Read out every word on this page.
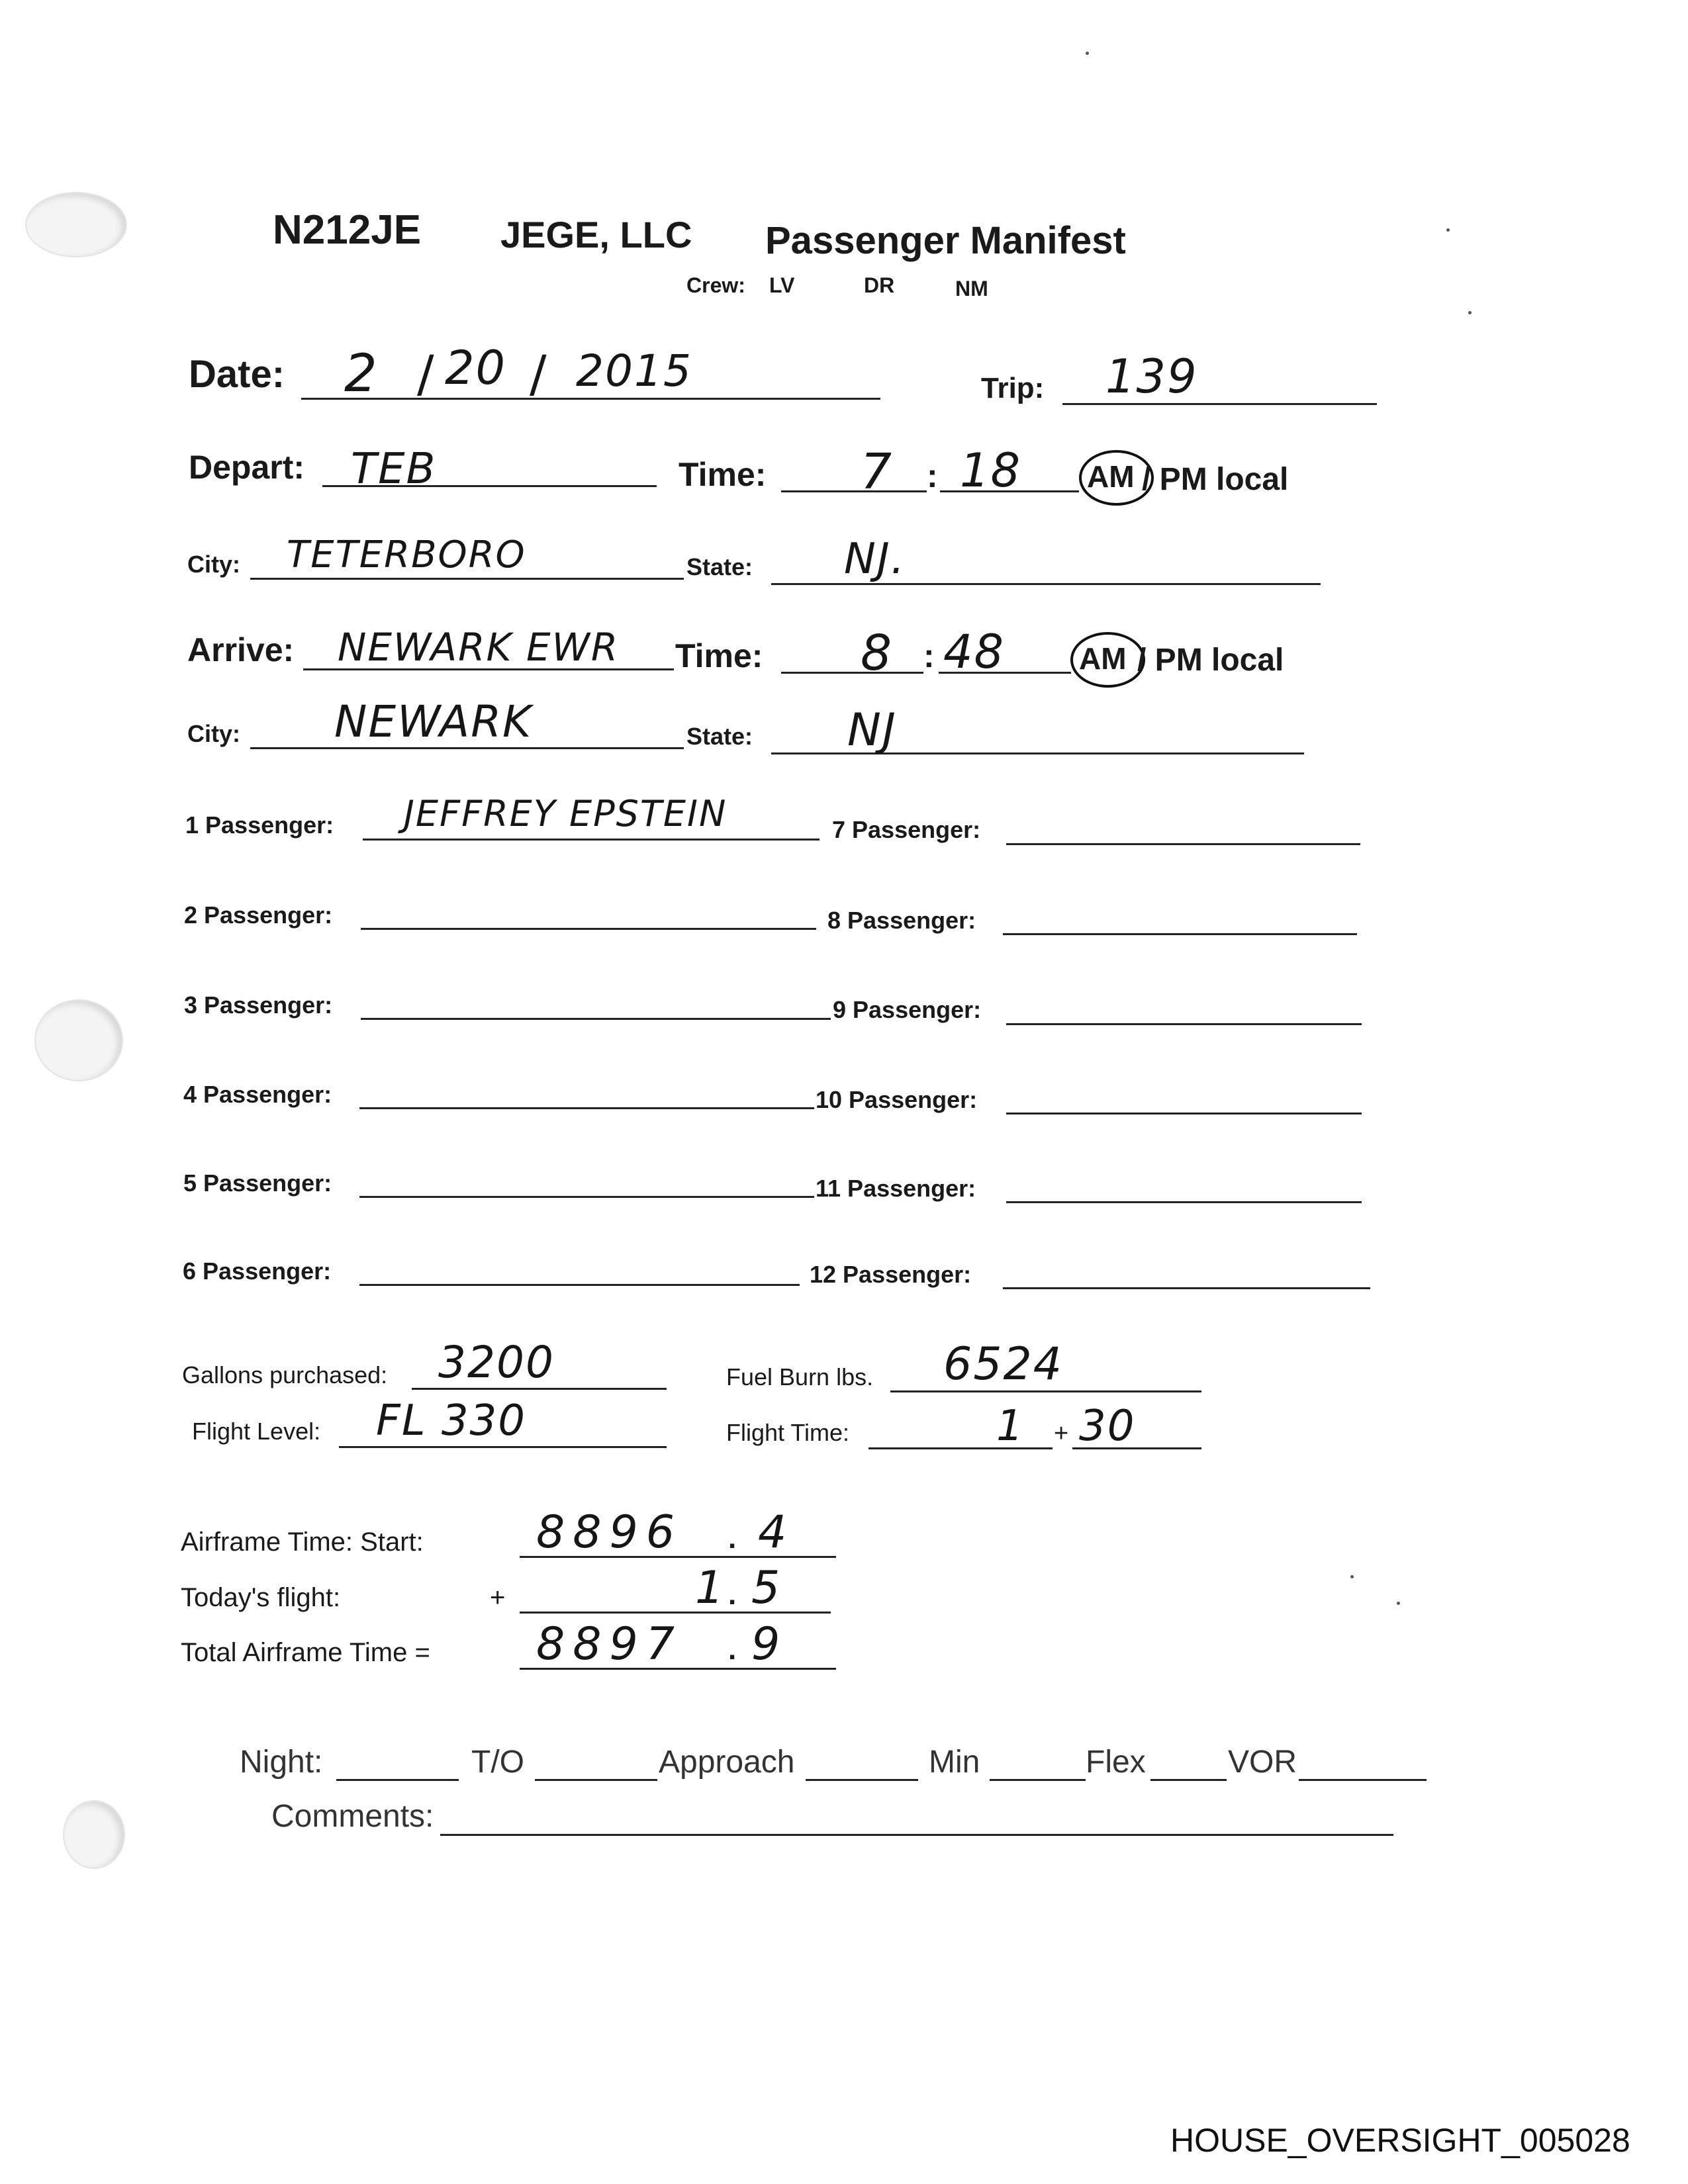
N212JE JEGE, LLC Passenger Manifest
Crew: LV	DR	NM
Date: 2 / 20 / 2015	Trip: 139
Depart: TEB	Time: 7 : 18 AM / PM local
City: TETERBORO	State: NJ.
Arrive: NEWARK EWR Time: 8 : 48 AM / PM local
City: NEWARK	State: NJ
1 Passenger: JEFFREY EPSTEIN
2 Passenger:
3 Passenger:
4 Passenger:
5 Passenger:
6 Passenger:
7 Passenger:
8 Passenger:
9 Passenger:
10 Passenger:
11 Passenger:
12 Passenger:
Gallons purchased: 3200	Fuel Burn lbs. 6524
Flight Level: FL 330	Flight Time:	1 + 30
Airframe Time: Start:	8896 . 4
Today's flight:	+	1 . 5
Total Airframe Time = 8897 . 9
Night:	T/O	Approach	Min	Flex	VOR
Comments:
HOUSE_OVERSIGHT_005028
